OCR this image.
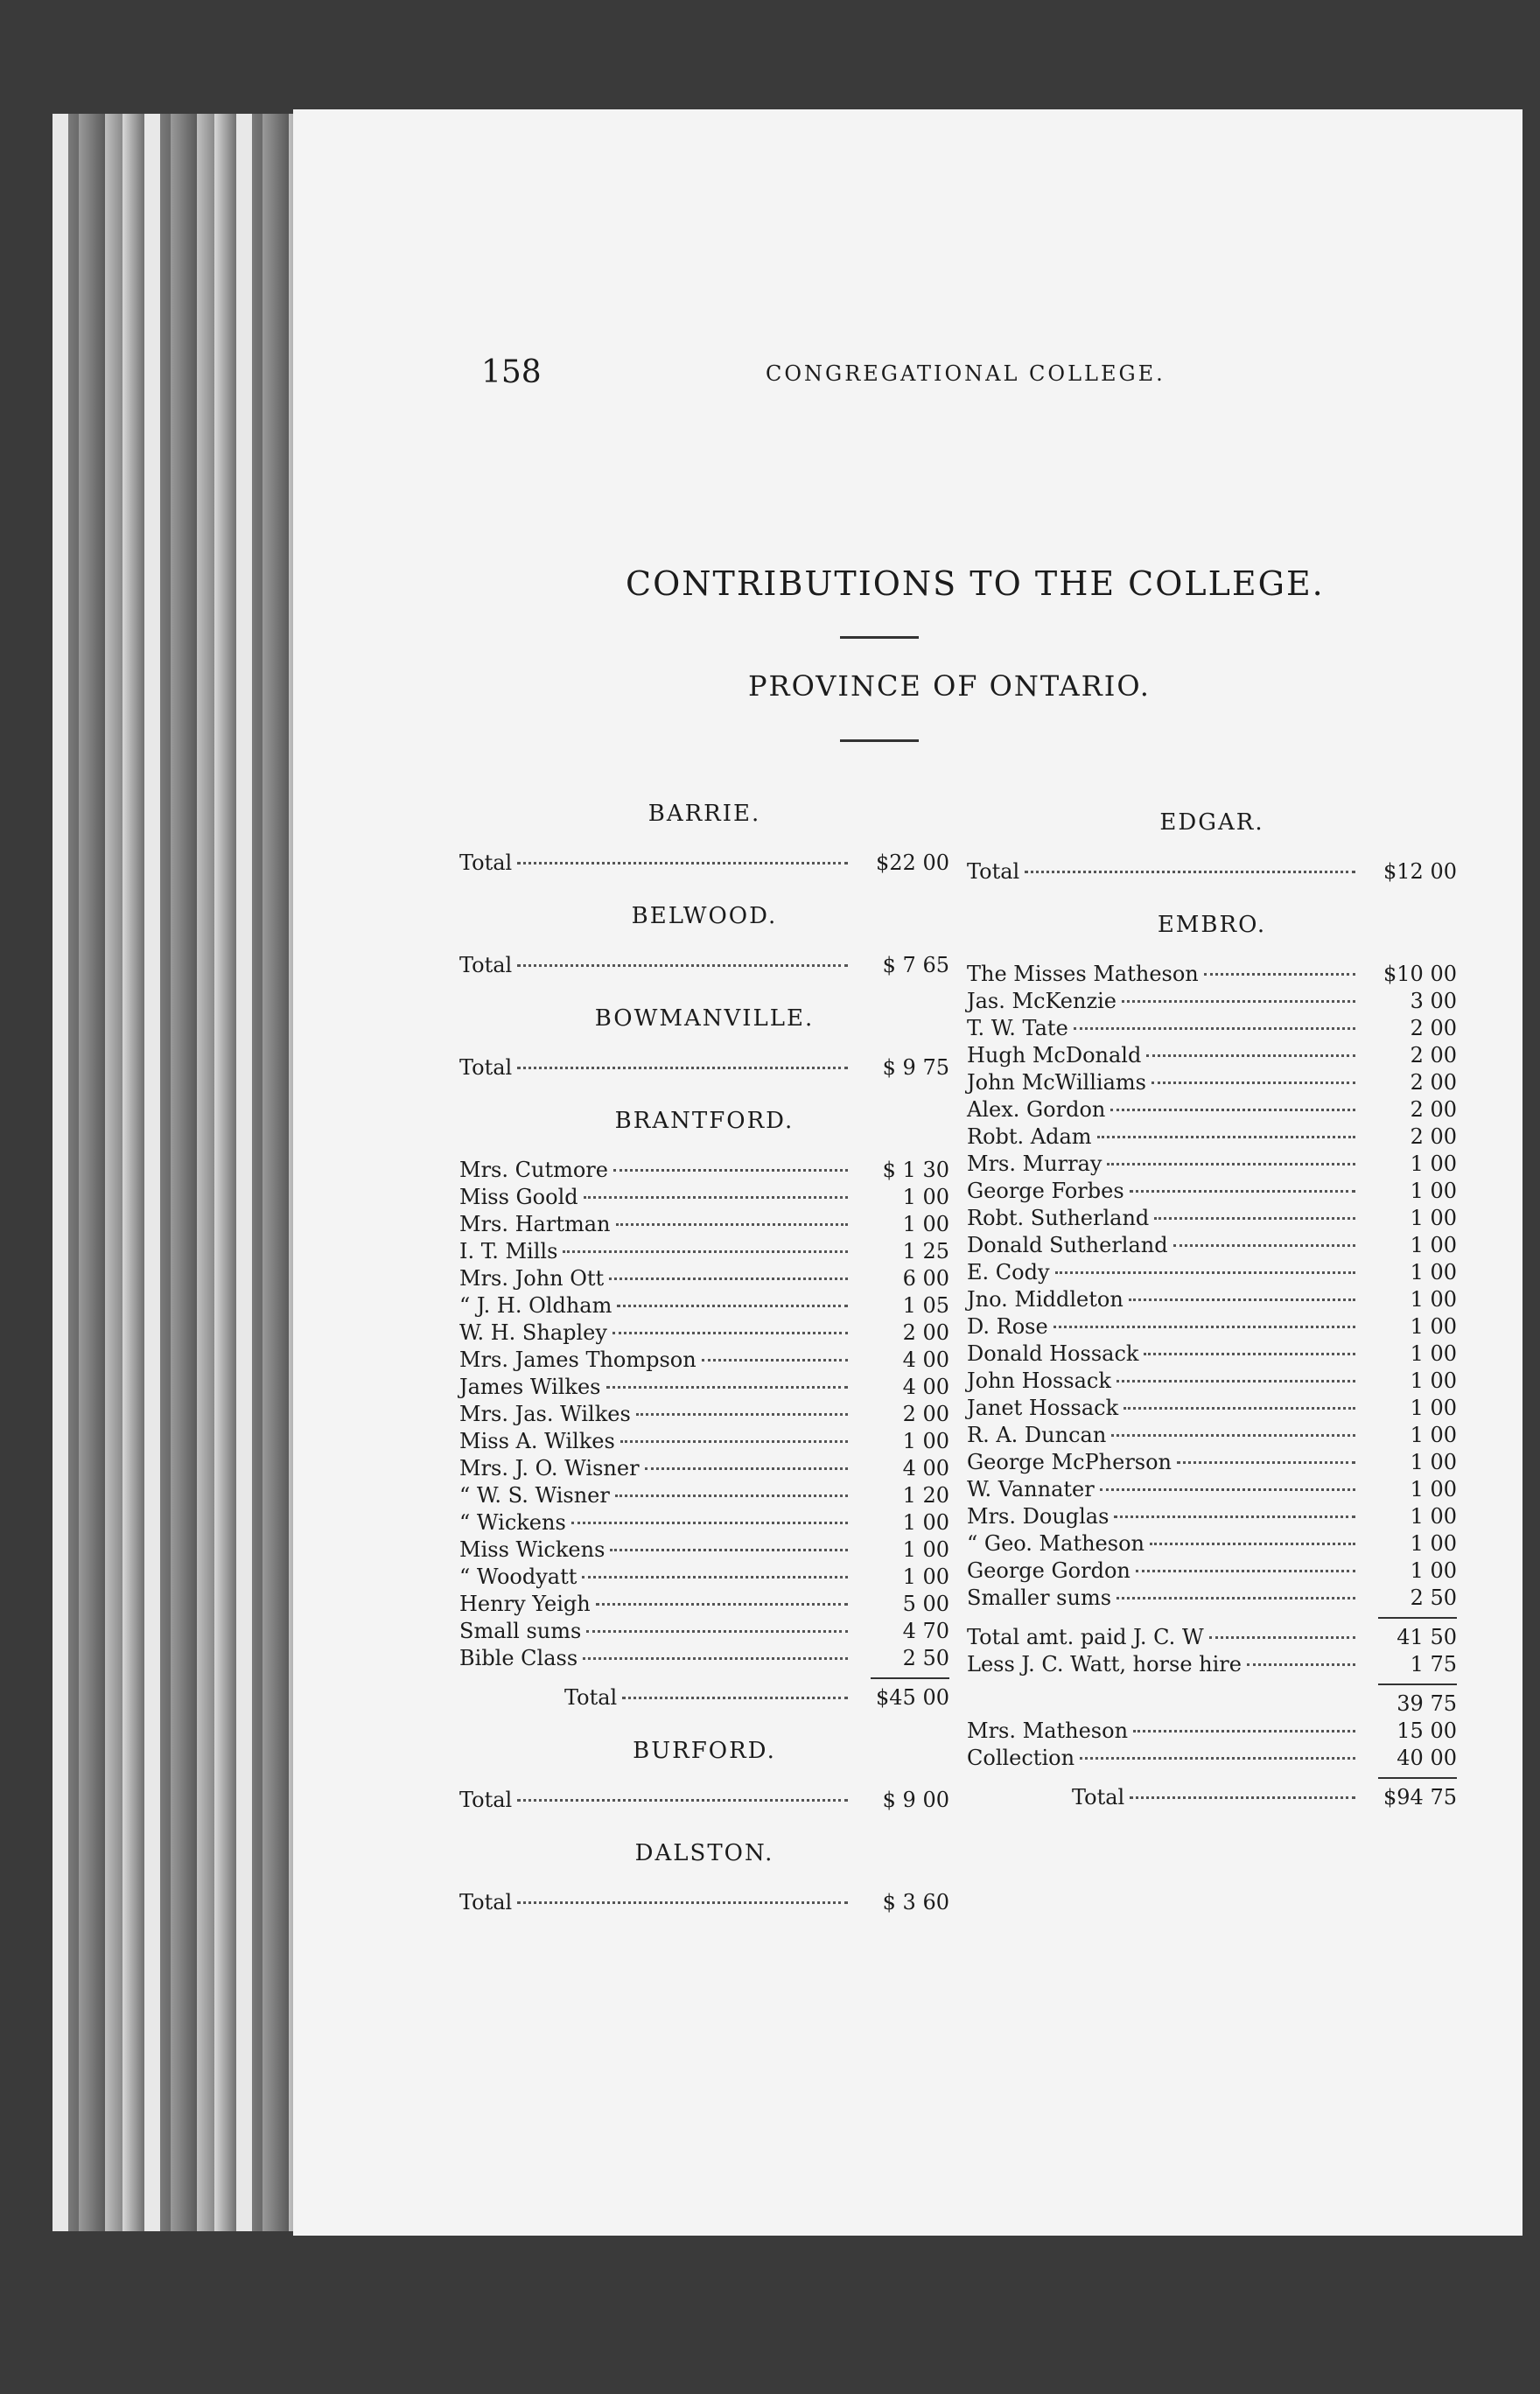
158	CONGREGATIONAL COLLEGE.
CONTRIBUTIONS TO THE COLLEGE.
PROVINCE OF ONTARIO.
BARRIE.
Total	$22 00
BELWOOD.
Total	$ 7 65
BOWMANVILLE.
Total	$ 9 75
BRANTFORD.
Mrs. Cutmore	$ 1 30
Miss Goold	1 00
Mrs. Hartman	1 00
I. T. Mills	1 25
Mrs. John Ott	6 00
“ J. H. Oldham	1 05
W. H. Shapley	2 00
Mrs. James Thompson	4 00
James Wilkes	4 00
Mrs. Jas. Wilkes	2 00
Miss A. Wilkes	1 00
Mrs. J. O. Wisner	4 00
“ W. S. Wisner	1 20
“ Wickens	1 00
Miss Wickens	1 00
“ Woodyatt	1 00
Henry Yeigh	5 00
Small sums	4 70
Bible Class	2 50
Total	$45 00
BURFORD.
Total	$ 9 00
DALSTON.
Total	$ 3 60
EDGAR.
Total	$12 00
EMBRO.
The Misses Matheson	$10 00
Jas. McKenzie	3 00
T. W. Tate	2 00
Hugh McDonald	2 00
John McWilliams	2 00
Alex. Gordon	2 00
Robt. Adam	2 00
Mrs. Murray	1 00
George Forbes	1 00
Robt. Sutherland	1 00
Donald Sutherland	1 00
E. Cody	1 00
Jno. Middleton	1 00
D. Rose	1 00
Donald Hossack	1 00
John Hossack	1 00
Janet Hossack	1 00
R. A. Duncan	1 00
George McPherson	1 00
W. Vannater	1 00
Mrs. Douglas	1 00
“ Geo. Matheson	1 00
George Gordon	1 00
Smaller sums	2 50
Total amt. paid J. C. W	41 50
Less J. C. Watt, horse hire	1 75
39 75
Mrs. Matheson	15 00
Collection	40 00
Total	$94 75
